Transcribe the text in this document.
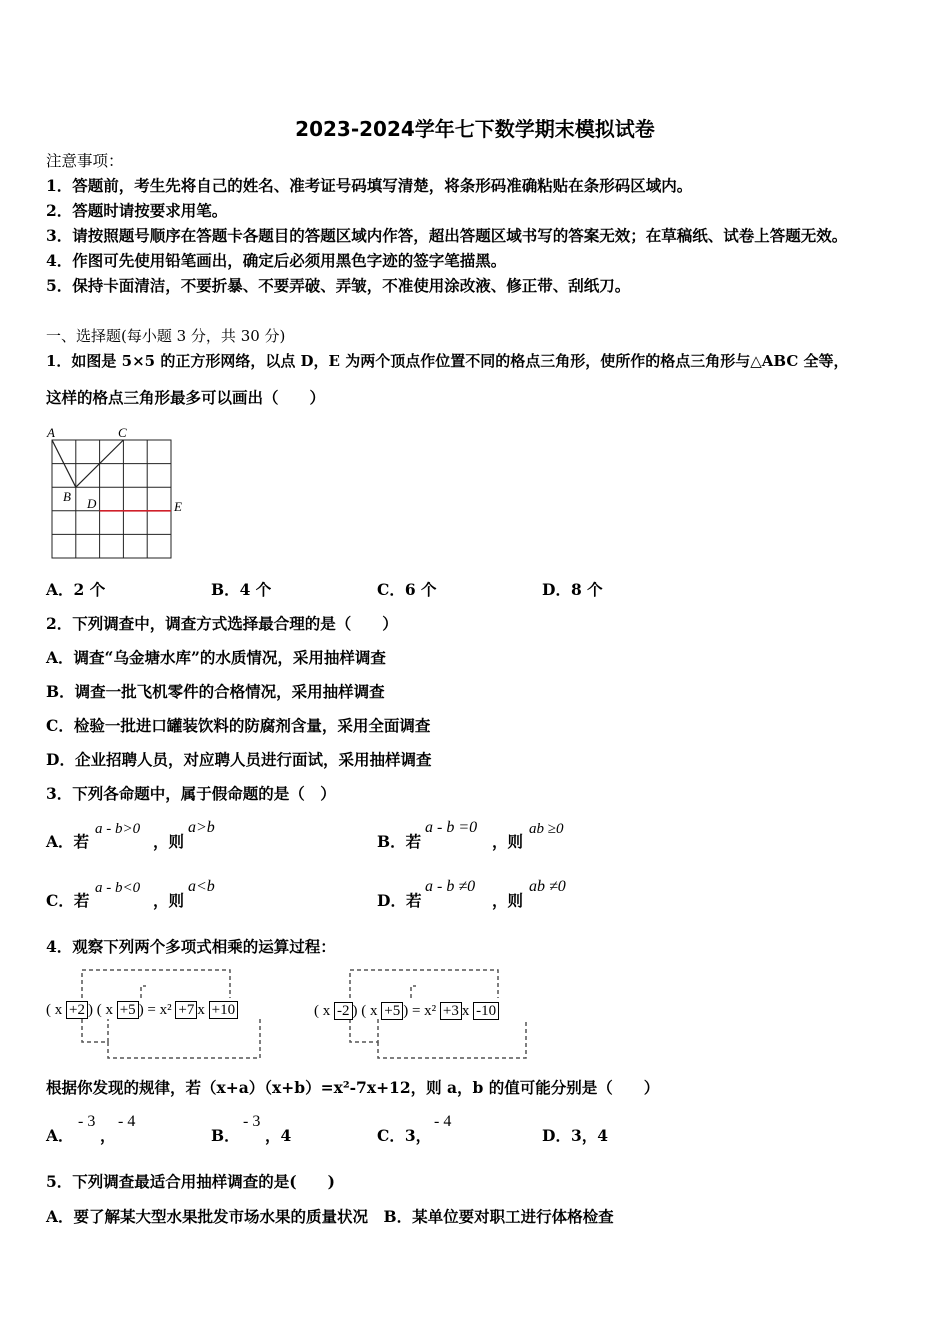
2023-2024学年七下数学期末模拟试卷
注意事项：
1．答题前，考生先将自己的姓名、准考证号码填写清楚，将条形码准确粘贴在条形码区域内。
2．答题时请按要求用笔。
3．请按照题号顺序在答题卡各题目的答题区域内作答，超出答题区域书写的答案无效；在草稿纸、试卷上答题无效。
4．作图可先使用铅笔画出，确定后必须用黑色字迹的签字笔描黑。
5．保持卡面清洁，不要折暴、不要弄破、弄皱，不准使用涂改液、修正带、刮纸刀。
一、选择题(每小题 3 分，共 30 分)
1．如图是 5×5 的正方形网络，以点 D，E 为两个顶点作位置不同的格点三角形，使所作的格点三角形与△ABC 全等，
这样的格点三角形最多可以画出（　　）
A	C
B D	E
A．2 个	B．4 个	C．6 个	D．8 个
2．下列调查中，调查方式选择最合理的是（　　）
A．调查“乌金塘水库”的水质情况，采用抽样调查
B．调查一批飞机零件的合格情况，采用抽样调查
C．检验一批进口罐装饮料的防腐剂含量，采用全面调查
D．企业招聘人员，对应聘人员进行面试，采用抽样调查
3．下列各命题中，属于假命题的是（　）
A．若
a - b>0
，则
a>b
B．若
a - b =0
，则
ab ≥0
C．若
a - b<0
，则
a<b
D．若
a - b ≠0
，则
ab ≠0
4．观察下列两个多项式相乘的运算过程：
( x +2 ) ( x +5 ) = x² +7 x +10	( x -2 ) ( x +5 ) = x² +3 x -10
根据你发现的规律，若（x+a）（x+b）=x²-7x+12，则 a，b 的值可能分别是（　　）
A．
- 3
，
- 4
B．
- 3
，4	C．3，
- 4
D．3，4
5．下列调查最适合用抽样调查的是(　　)
A．要了解某大型水果批发市场水果的质量状况　B．某单位要对职工进行体格检查
